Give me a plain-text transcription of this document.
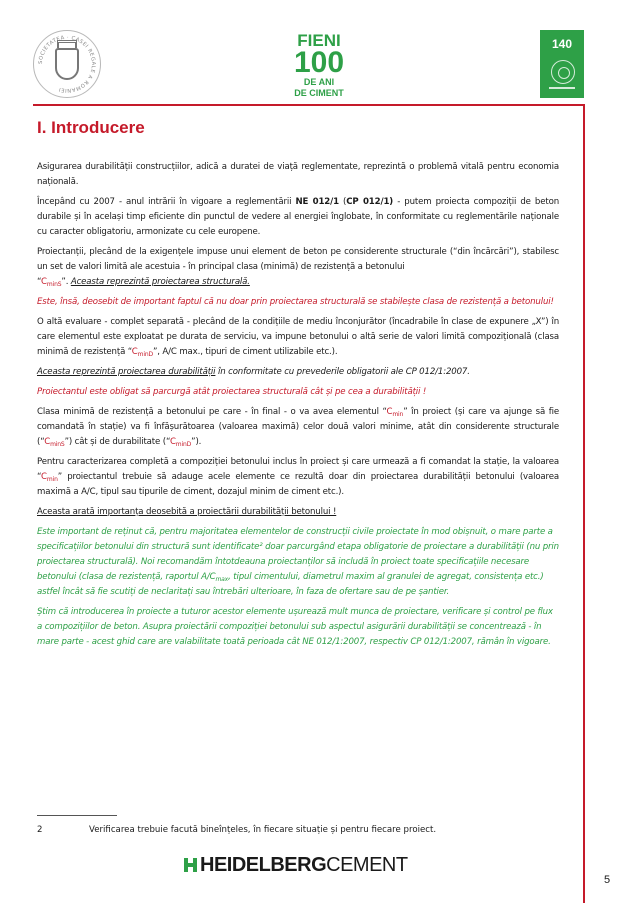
SOCIETATEA · CASEI REGALE A ROMANIEI
FIENI
100
DE ANI
DE CIMENT
140
I. Introducere

Asigurarea durabilității construcțiilor, adică a duratei de viață reglementate, reprezintă o problemă vitală pentru economia națională.

Începând cu 2007 - anul intrării în vigoare a reglementării NE 012/1 (CP 012/1) - putem proiecta compoziții de beton durabile și în același timp eficiente din punctul de vedere al energiei înglobate, în conformitate cu reglementările naționale cu caracter obligatoriu, armonizate cu cele europene.

Proiectanții, plecând de la exigențele impuse unui element de beton pe considerente structurale (“din încărcări”), stabilesc un set de valori limită ale acestuia - în principal clasa (minimă) de rezistență a betonului
“$C_{minS}$”. Aceasta reprezintă proiectarea structurală.

Este, însă, deosebit de important faptul că nu doar prin proiectarea structurală se stabilește clasa de rezistență a betonului!

O altă evaluare - complet separată - plecând de la condițiile de mediu înconjurător (încadrabile în clase de expunere „X”) în care elementul este exploatat pe durata de serviciu, va impune betonului o altă serie de valori limită compozițională (clasa minimă de rezistență “$C_{minD}$”, A/C max., tipuri de ciment utilizabile etc.).

Aceasta reprezintă proiectarea durabilității în conformitate cu prevederile obligatorii ale CP 012/1:2007.

Proiectantul este obligat să parcurgă atât proiectarea structurală cât și pe cea a durabilității !

Clasa minimă de rezistență a betonului pe care - în final - o va avea elementul “$C_{min}$” în proiect (și care va ajunge să fie comandată în stație) va fi înfășurătoarea (valoarea maximă) celor două valori minime, atât din considerente structurale $(“C_{minS}”)$ cât și de durabilitate $(“C_{minD}”)$.

Pentru caracterizarea completă a compoziției betonului inclus în proiect și care urmează a fi comandat la stație, la valoarea “$C_{min}$” proiectantul trebuie să adauge acele elemente ce rezultă doar din proiectarea durabilității betonului (valoarea maximă a A/C, tipul sau tipurile de ciment, dozajul minim de ciment etc.).

Aceasta arată importanța deosebită a proiectării durabilității betonului !

Este important de reținut că, pentru majoritatea elementelor de construcții civile proiectate în mod obișnuit, o mare parte a specificațiilor betonului din structură sunt identificate² doar parcurgând etapa obligatorie de proiectare a durabilității (nu prin proiectarea structurală). Noi recomandăm întotdeauna proiectanților să includă în proiect toate specificațiile necesare betonului (clasa de rezistență, raportul $A/C_{max}$, tipul cimentului, diametrul maxim al granulei de agregat, consistența etc.) astfel încât să fie scutiți de neclaritați sau întrebări ulterioare, în faza de ofertare sau de pe șantier.

Știm că introducerea în proiecte a tuturor acestor elemente ușurează mult munca de proiectare, verificare și control pe flux a compozițiilor de beton. Asupra proiectării compoziției betonului sub aspectul asigurării durabilității se concentrează - în mare parte - acest ghid care are valabilitate toată perioada cât NE 012/1:2007, respectiv CP 012/1:2007, rămân în vigoare.

2	Verificarea trebuie facută bineînțeles, în fiecare situație și pentru fiecare proiect.
HEIDELBERGCEMENT
5
